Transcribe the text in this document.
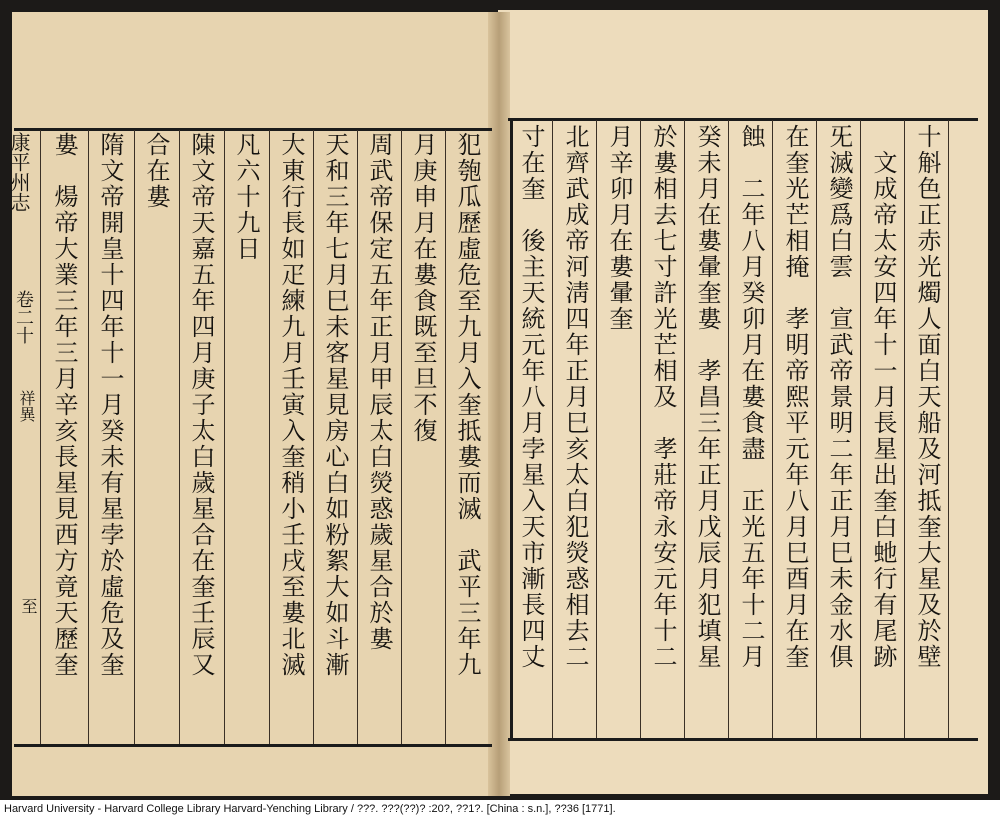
康平州志
卷二十
祥異
至	犯匏瓜歷虛危至九月入奎抵婁而滅　武平三年九
月庚申月在婁食既至旦不復
周武帝保定五年正月甲辰太白熒惑歲星合於婁
天和三年七月巳未客星見房心白如粉絮大如斗漸
大東行長如疋練九月壬寅入奎稍小壬戌至婁北滅
凡六十九日
陳文帝天嘉五年四月庚子太白歲星合在奎壬辰又
合在婁
隋文帝開皇十四年十一月癸未有星孛於虛危及奎
婁　煬帝大業三年三月辛亥長星見西方竟天歷奎	十斛色正赤光燭人面白天船及河抵奎大星及於壁
　文成帝太安四年十一月長星出奎白虵行有尾跡
旡滅變爲白雲　宣武帝景明二年正月巳未金水俱
在奎光芒相掩　孝明帝熙平元年八月巳酉月在奎
蝕　二年八月癸卯月在婁食盡　正光五年十二月
癸未月在婁暈奎婁　孝昌三年正月戊辰月犯填星
於婁相去七寸許光芒相及　孝莊帝永安元年十二
月辛卯月在婁暈奎
北齊武成帝河淸四年正月巳亥太白犯熒惑相去二
寸在奎　後主天統元年八月孛星入天市漸長四丈
Harvard University - Harvard College Library Harvard-Yenching Library / ???. ???(??)? :20?, ??1?. [China : s.n.], ??36 [1771].
